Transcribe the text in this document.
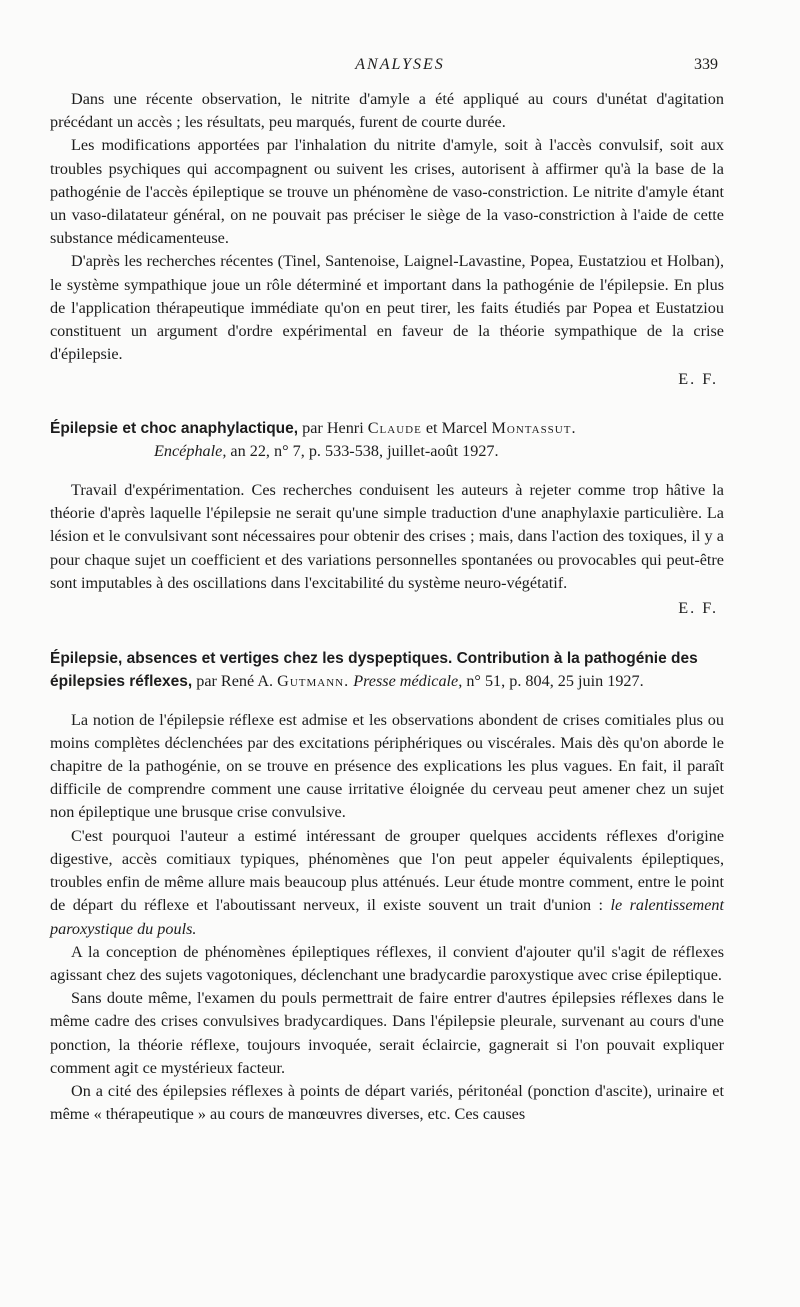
ANALYSES	339

Dans une récente observation, le nitrite d'amyle a été appliqué au cours d'unétat d'agitation précédant un accès ; les résultats, peu marqués, furent de courte durée.

Les modifications apportées par l'inhalation du nitrite d'amyle, soit à l'accès convulsif, soit aux troubles psychiques qui accompagnent ou suivent les crises, autorisent à affirmer qu'à la base de la pathogénie de l'accès épileptique se trouve un phénomène de vaso-constriction. Le nitrite d'amyle étant un vaso-dilatateur général, on ne pouvait pas préciser le siège de la vaso-constriction à l'aide de cette substance médicamenteuse.

D'après les recherches récentes (Tinel, Santenoise, Laignel-Lavastine, Popea, Eustatziou et Holban), le système sympathique joue un rôle déterminé et important dans la pathogénie de l'épilepsie. En plus de l'application thérapeutique immédiate qu'on en peut tirer, les faits étudiés par Popea et Eustatziou constituent un argument d'ordre expérimental en faveur de la théorie sympathique de la crise d'épilepsie.

E. F.

Épilepsie et choc anaphylactique, par Henri Claude et Marcel Montassut.
Encéphale, an 22, n° 7, p. 533-538, juillet-août 1927.

Travail d'expérimentation. Ces recherches conduisent les auteurs à rejeter comme trop hâtive la théorie d'après laquelle l'épilepsie ne serait qu'une simple traduction d'une anaphylaxie particulière. La lésion et le convulsivant sont nécessaires pour obtenir des crises ; mais, dans l'action des toxiques, il y a pour chaque sujet un coefficient et des variations personnelles spontanées ou provocables qui peut-être sont imputables à des oscillations dans l'excitabilité du système neuro-végétatif.

E. F.

Épilepsie, absences et vertiges chez les dyspeptiques. Contribution à la pathogénie des épilepsies réflexes, par René A. Gutmann. Presse médicale, n° 51, p. 804, 25 juin 1927.

La notion de l'épilepsie réflexe est admise et les observations abondent de crises comitiales plus ou moins complètes déclenchées par des excitations périphériques ou viscérales. Mais dès qu'on aborde le chapitre de la pathogénie, on se trouve en présence des explications les plus vagues. En fait, il paraît difficile de comprendre comment une cause irritative éloignée du cerveau peut amener chez un sujet non épileptique une brusque crise convulsive.

C'est pourquoi l'auteur a estimé intéressant de grouper quelques accidents réflexes d'origine digestive, accès comitiaux typiques, phénomènes que l'on peut appeler équivalents épileptiques, troubles enfin de même allure mais beaucoup plus atténués. Leur étude montre comment, entre le point de départ du réflexe et l'aboutissant nerveux, il existe souvent un trait d'union : le ralentissement paroxystique du pouls.

A la conception de phénomènes épileptiques réflexes, il convient d'ajouter qu'il s'agit de réflexes agissant chez des sujets vagotoniques, déclenchant une bradycardie paroxystique avec crise épileptique.

Sans doute même, l'examen du pouls permettrait de faire entrer d'autres épilepsies réflexes dans le même cadre des crises convulsives bradycardiques. Dans l'épilepsie pleurale, survenant au cours d'une ponction, la théorie réflexe, toujours invoquée, serait éclaircie, gagnerait si l'on pouvait expliquer comment agit ce mystérieux facteur.

On a cité des épilepsies réflexes à points de départ variés, péritonéal (ponction d'ascite), urinaire et même « thérapeutique » au cours de manœuvres diverses, etc. Ces causes
